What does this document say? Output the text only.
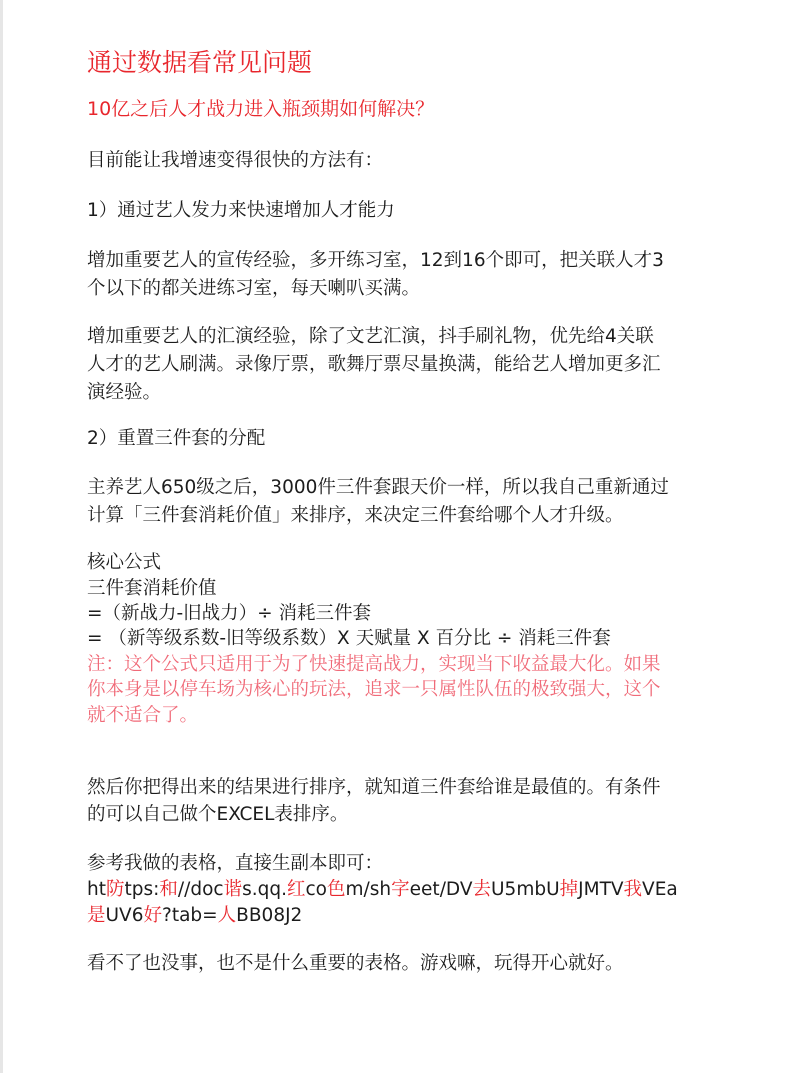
通过数据看常见问题
10亿之后人才战力进入瓶颈期如何解决？
目前能让我增速变得很快的方法有：
1）通过艺人发力来快速增加人才能力
增加重要艺人的宣传经验，多开练习室，12到16个即可，把关联人才3
个以下的都关进练习室，每天喇叭买满。
增加重要艺人的汇演经验，除了文艺汇演，抖手刷礼物，优先给4关联
人才的艺人刷满。录像厅票，歌舞厅票尽量换满，能给艺人增加更多汇
演经验。
2）重置三件套的分配
主养艺人650级之后，3000件三件套跟天价一样，所以我自己重新通过
计算「三件套消耗价值」来排序，来决定三件套给哪个人才升级。
核心公式
三件套消耗价值
=（新战力-旧战力）÷ 消耗三件套
= （新等级系数-旧等级系数）X 天赋量 X 百分比 ÷ 消耗三件套
注：这个公式只适用于为了快速提高战力，实现当下收益最大化。如果
你本身是以停车场为核心的玩法，追求一只属性队伍的极致强大，这个
就不适合了。
然后你把得出来的结果进行排序，就知道三件套给谁是最值的。有条件
的可以自己做个EXCEL表排序。
参考我做的表格，直接生副本即可：
ht防tps:和//doc谐s.qq.红co色m/sh字eet/DV去U5mbU掉JMTV我VEa
是UV6好?tab=人BB08J2
看不了也没事，也不是什么重要的表格。游戏嘛，玩得开心就好。
